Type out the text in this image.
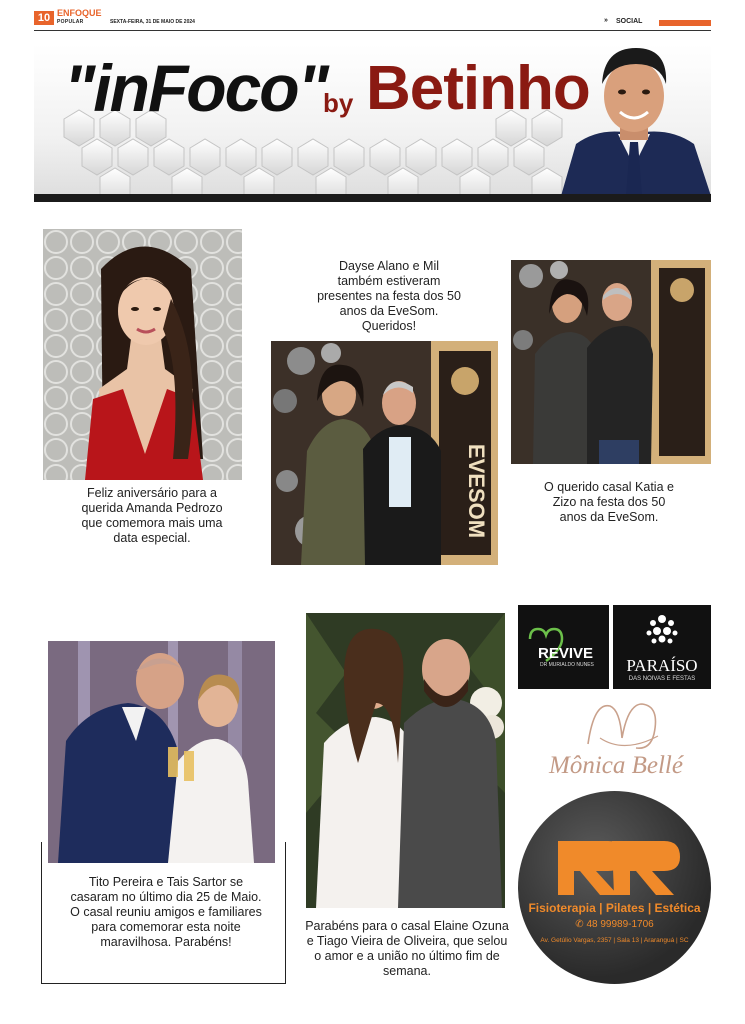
10 ENFOQUE
POPULAR	SEXTA-FEIRA, 31 DE MAIO DE 2024	» SOCIAL
"inFoco"
by Betinho
Feliz aniversário para a querida Amanda Pedrozo que comemora mais uma data especial.
Dayse Alano e Mil também estiveram presentes na festa dos 50 anos da EveSom. Queridos!
EVESOM	O querido casal Katia e Zizo na festa dos 50 anos da EveSom.
Tito Pereira e Tais Sartor se casaram no último dia 25 de Maio. O casal reuniu amigos e familiares para comemorar esta noite maravilhosa. Parabéns!
Parabéns para o casal Elaine Ozuna e Tiago Vieira de Oliveira, que selou o amor e a união no último fim de semana.
REVIVE
DR MURIALDO NUNES	PARAÍSO
DAS NOIVAS E FESTAS
Mônica Bellé
Fisioterapia | Pilates | Estética
✆ 48 99989-1706
Av. Getúlio Vargas, 2357 | Sala 13 | Araranguá | SC
